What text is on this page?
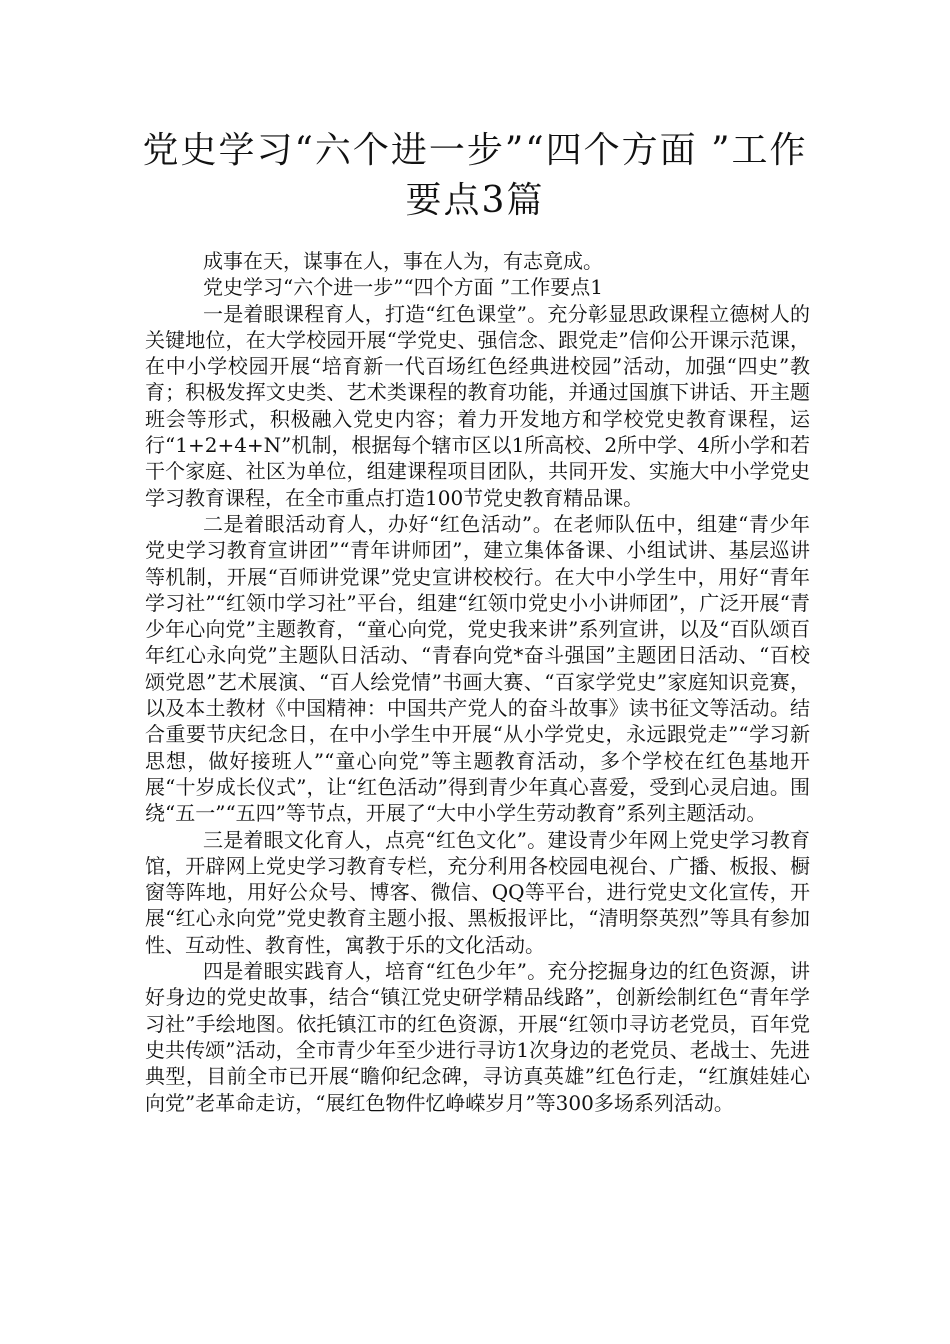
党史学习“六个进一步”“四个方面 ”工作要点3篇

成事在天，谋事在人，事在人为，有志竟成。

党史学习“六个进一步”“四个方面 ”工作要点1

一是着眼课程育人，打造“红色课堂”。充分彰显思政课程立德树人的关键地位，在大学校园开展“学党史、强信念、跟党走”信仰公开课示范课，在中小学校园开展“培育新一代百场红色经典进校园”活动，加强“四史”教育；积极发挥文史类、艺术类课程的教育功能，并通过国旗下讲话、开主题班会等形式，积极融入党史内容；着力开发地方和学校党史教育课程，运行“1+2+4+N”机制，根据每个辖市区以1所高校、2所中学、4所小学和若干个家庭、社区为单位，组建课程项目团队，共同开发、实施大中小学党史学习教育课程，在全市重点打造100节党史教育精品课。

二是着眼活动育人，办好“红色活动”。在老师队伍中，组建“青少年党史学习教育宣讲团”“青年讲师团”，建立集体备课、小组试讲、基层巡讲等机制，开展“百师讲党课”党史宣讲校校行。在大中小学生中，用好“青年学习社”“红领巾学习社”平台，组建“红领巾党史小小讲师团”，广泛开展“青少年心向党”主题教育，“童心向党，党史我来讲”系列宣讲，以及“百队颂百年红心永向党”主题队日活动、“青春向党*奋斗强国”主题团日活动、“百校颂党恩”艺术展演、“百人绘党情”书画大赛、“百家学党史”家庭知识竞赛，以及本土教材《中国精神：中国共产党人的奋斗故事》读书征文等活动。结合重要节庆纪念日，在中小学生中开展“从小学党史，永远跟党走”“学习新思想，做好接班人”“童心向党”等主题教育活动，多个学校在红色基地开展“十岁成长仪式”，让“红色活动”得到青少年真心喜爱，受到心灵启迪。围绕“五一”“五四”等节点，开展了“大中小学生劳动教育”系列主题活动。

三是着眼文化育人，点亮“红色文化”。建设青少年网上党史学习教育馆，开辟网上党史学习教育专栏，充分利用各校园电视台、广播、板报、橱窗等阵地，用好公众号、博客、微信、QQ等平台，进行党史文化宣传，开展“红心永向党”党史教育主题小报、黑板报评比，“清明祭英烈”等具有参加性、互动性、教育性，寓教于乐的文化活动。

四是着眼实践育人，培育“红色少年”。充分挖掘身边的红色资源，讲好身边的党史故事，结合“镇江党史研学精品线路”，创新绘制红色“青年学习社”手绘地图。依托镇江市的红色资源，开展“红领巾寻访老党员，百年党史共传颂”活动，全市青少年至少进行寻访1次身边的老党员、老战士、先进典型，目前全市已开展“瞻仰纪念碑，寻访真英雄”红色行走，“红旗娃娃心向党”老革命走访，“展红色物件忆峥嵘岁月”等300多场系列活动。
